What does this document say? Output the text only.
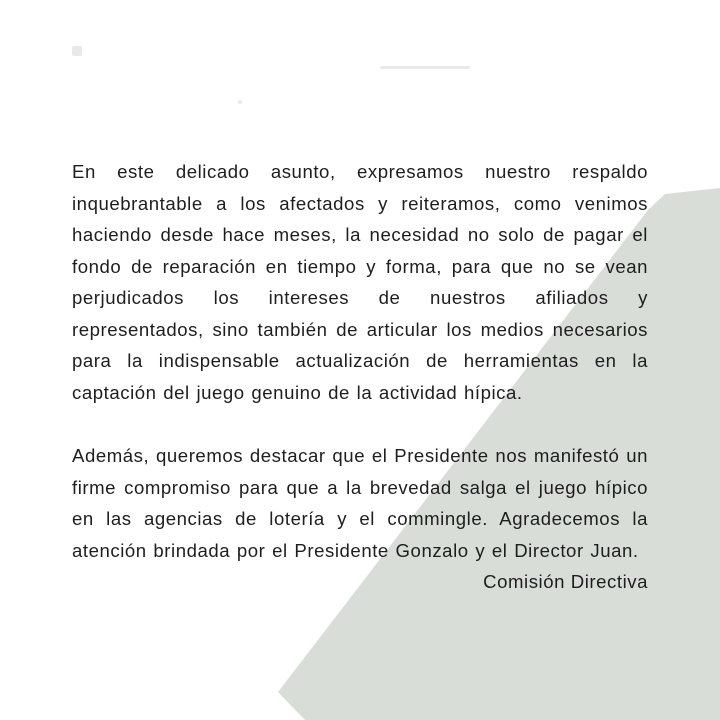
En este delicado asunto, expresamos nuestro respaldo inquebrantable a los afectados y reiteramos, como venimos haciendo desde hace meses, la necesidad no solo de pagar el fondo de reparación en tiempo y forma, para que no se vean perjudicados los intereses de nuestros afiliados y representados, sino también de articular los medios necesarios para la indispensable actualización de herramientas en la captación del juego genuino de la actividad hípica.

Además, queremos destacar que el Presidente nos manifestó un firme compromiso para que a la brevedad salga el juego hípico en las agencias de lotería y el commingle. Agradecemos la atención brindada por el Presidente Gonzalo y el Director Juan.

Comisión Directiva
